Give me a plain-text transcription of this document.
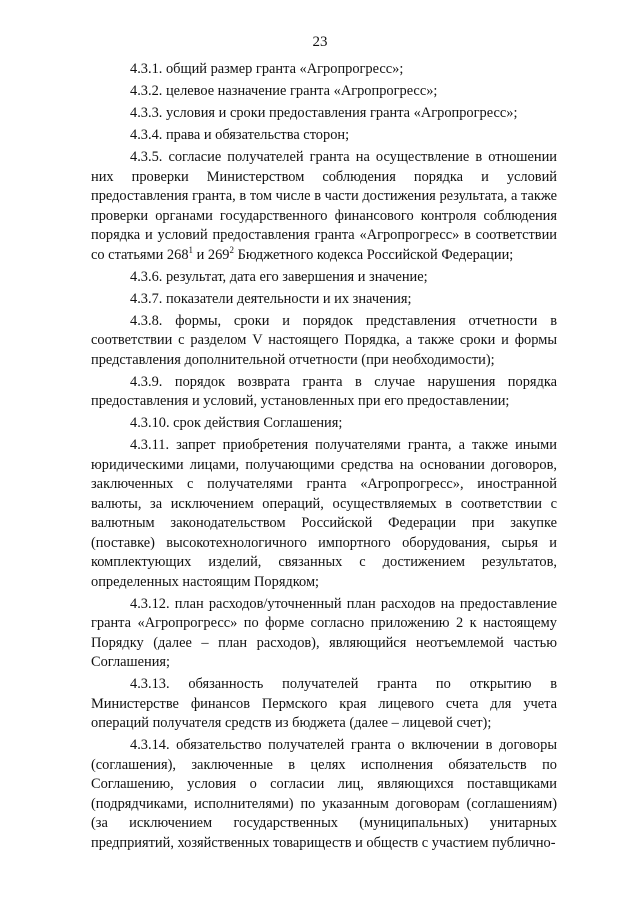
23

4.3.1. общий размер гранта «Агропрогресс»;

4.3.2. целевое назначение гранта «Агропрогресс»;

4.3.3. условия и сроки предоставления гранта «Агропрогресс»;

4.3.4. права и обязательства сторон;

4.3.5. согласие получателей гранта на осуществление в отношении них проверки Министерством соблюдения порядка и условий предоставления гранта, в том числе в части достижения результата, а также проверки органами государственного финансового контроля соблюдения порядка и условий предоставления гранта «Агропрогресс» в соответствии со статьями $268^1$ и $269^2$ Бюджетного кодекса Российской Федерации;

4.3.6. результат, дата его завершения и значение;

4.3.7. показатели деятельности и их значения;

4.3.8. формы, сроки и порядок представления отчетности в соответствии с разделом V настоящего Порядка, а также сроки и формы представления дополнительной отчетности (при необходимости);

4.3.9. порядок возврата гранта в случае нарушения порядка предоставления и условий, установленных при его предоставлении;

4.3.10. срок действия Соглашения;

4.3.11. запрет приобретения получателями гранта, а также иными юридическими лицами, получающими средства на основании договоров, заключенных с получателями гранта «Агропрогресс», иностранной валюты, за исключением операций, осуществляемых в соответствии с валютным законодательством Российской Федерации при закупке (поставке) высокотехнологичного импортного оборудования, сырья и комплектующих изделий, связанных с достижением результатов, определенных настоящим Порядком;

4.3.12. план расходов/уточненный план расходов на предоставление гранта «Агропрогресс» по форме согласно приложению 2 к настоящему Порядку (далее – план расходов), являющийся неотъемлемой частью Соглашения;

4.3.13. обязанность получателей гранта по открытию в Министерстве финансов Пермского края лицевого счета для учета операций получателя средств из бюджета (далее – лицевой счет);

4.3.14. обязательство получателей гранта о включении в договоры (соглашения), заключенные в целях исполнения обязательств по Соглашению, условия о согласии лиц, являющихся поставщиками (подрядчиками, исполнителями) по указанным договорам (соглашениям) (за исключением государственных (муниципальных) унитарных предприятий, хозяйственных товариществ и обществ с участием публично-
